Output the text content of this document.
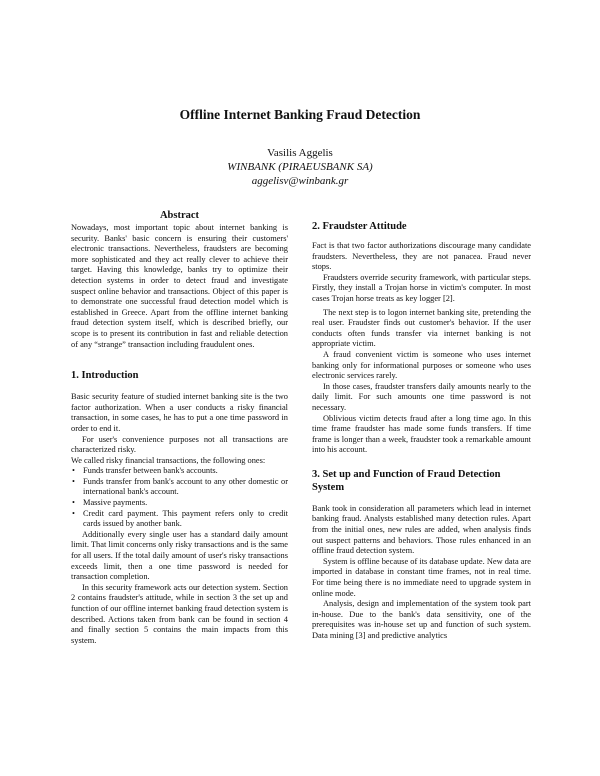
Offline Internet Banking Fraud Detection
Vasilis Aggelis
WINBANK (PIRAEUSBANK SA)
aggelisv@winbank.gr
Abstract

Nowadays, most important topic about internet banking is security. Banks' basic concern is ensuring their customers' electronic transactions. Nevertheless, fraudsters are becoming more sophisticated and they act really clever to achieve their target. Having this knowledge, banks try to optimize their detection systems in order to detect fraud and investigate suspect online behavior and transactions. Object of this paper is to demonstrate one successful fraud detection model which is established in Greece. Apart from the offline internet banking fraud detection system itself, which is described briefly, our scope is to present its contribution in fast and reliable detection of any “strange” transaction including fraudulent ones.

1. Introduction

Basic security feature of studied internet banking site is the two factor authorization. When a user conducts a risky financial transaction, in some cases, he has to put a one time password in order to end it.

For user's convenience purposes not all transactions are characterized risky.

We called risky financial transactions, the following ones:

• Funds transfer between bank's accounts.
• Funds transfer from bank's account to any other domestic or international bank's account.
• Massive payments.
• Credit card payment. This payment refers only to credit cards issued by another bank.

Additionally every single user has a standard daily amount limit. That limit concerns only risky transactions and is the same for all users. If the total daily amount of user's risky transactions exceeds limit, then a one time password is needed for transaction completion.

In this security framework acts our detection system. Section 2 contains fraudster's attitude, while in section 3 the set up and function of our offline internet banking fraud detection system is described. Actions taken from bank can be found in section 4 and finally section 5 contains the main impacts from this system.

2. Fraudster Attitude

Fact is that two factor authorizations discourage many candidate fraudsters. Nevertheless, they are not panacea. Fraud never stops.

Fraudsters override security framework, with particular steps. Firstly, they install a Trojan horse in victim's computer. In most cases Trojan horse treats as key logger [2].

The next step is to logon internet banking site, pretending the real user. Fraudster finds out customer's behavior. If the user conducts often funds transfer via internet banking is not appropriate victim.

A fraud convenient victim is someone who uses internet banking only for informational purposes or someone who uses electronic services rarely.

In those cases, fraudster transfers daily amounts nearly to the daily limit. For such amounts one time password is not necessary.

Oblivious victim detects fraud after a long time ago. In this time frame fraudster has made some funds transfers. If time frame is longer than a week, fraudster took a remarkable amount into his account.

3. Set up and Function of Fraud Detection System

Bank took in consideration all parameters which lead in internet banking fraud. Analysts established many detection rules. Apart from the initial ones, new rules are added, when analysis finds out suspect patterns and behaviors. Those rules enhanced in an offline fraud detection system.

System is offline because of its database update. New data are imported in database in constant time frames, not in real time. For time being there is no immediate need to upgrade system in online mode.

Analysis, design and implementation of the system took part in-house. Due to the bank's data sensitivity, one of the prerequisites was in-house set up and function of such system. Data mining [3] and predictive analytics
